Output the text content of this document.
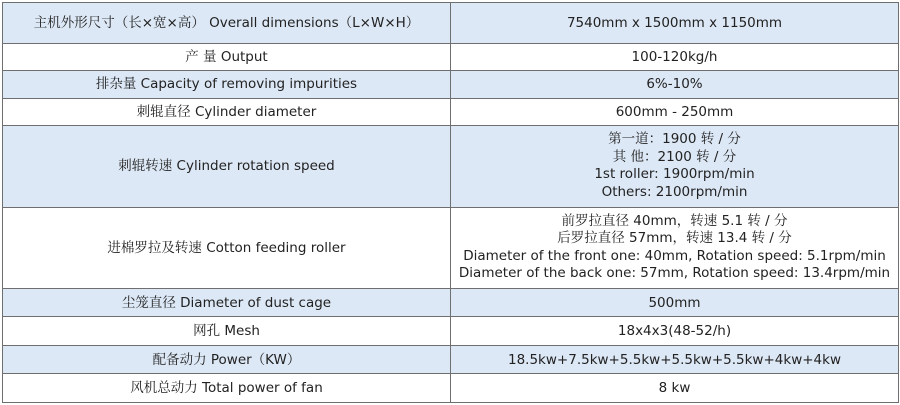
主机外形尺寸（长×宽×高） Overall dimensions（L×W×H）	7540mm x 1500mm x 1150mm
产 量 Output	100-120kg/h
排杂量 Capacity of removing impurities	6%-10%
刺辊直径 Cylinder diameter	600mm - 250mm
刺辊转速 Cylinder rotation speed	第一道：1900 转 / 分
其 他：2100 转 / 分
1st roller: 1900rpm/min
Others: 2100rpm/min

进棉罗拉及转速 Cotton feeding roller	前罗拉直径 40mm，转速 5.1 转 / 分
后罗拉直径 57mm，转速 13.4 转 / 分
Diameter of the front one: 40mm, Rotation speed: 5.1rpm/min
Diameter of the back one: 57mm, Rotation speed: 13.4rpm/min

尘笼直径 Diameter of dust cage	500mm
网孔 Mesh	18x4x3(48-52/h)
配备动力 Power（KW）	18.5kw+7.5kw+5.5kw+5.5kw+5.5kw+4kw+4kw
风机总动力 Total power of fan	8 kw
